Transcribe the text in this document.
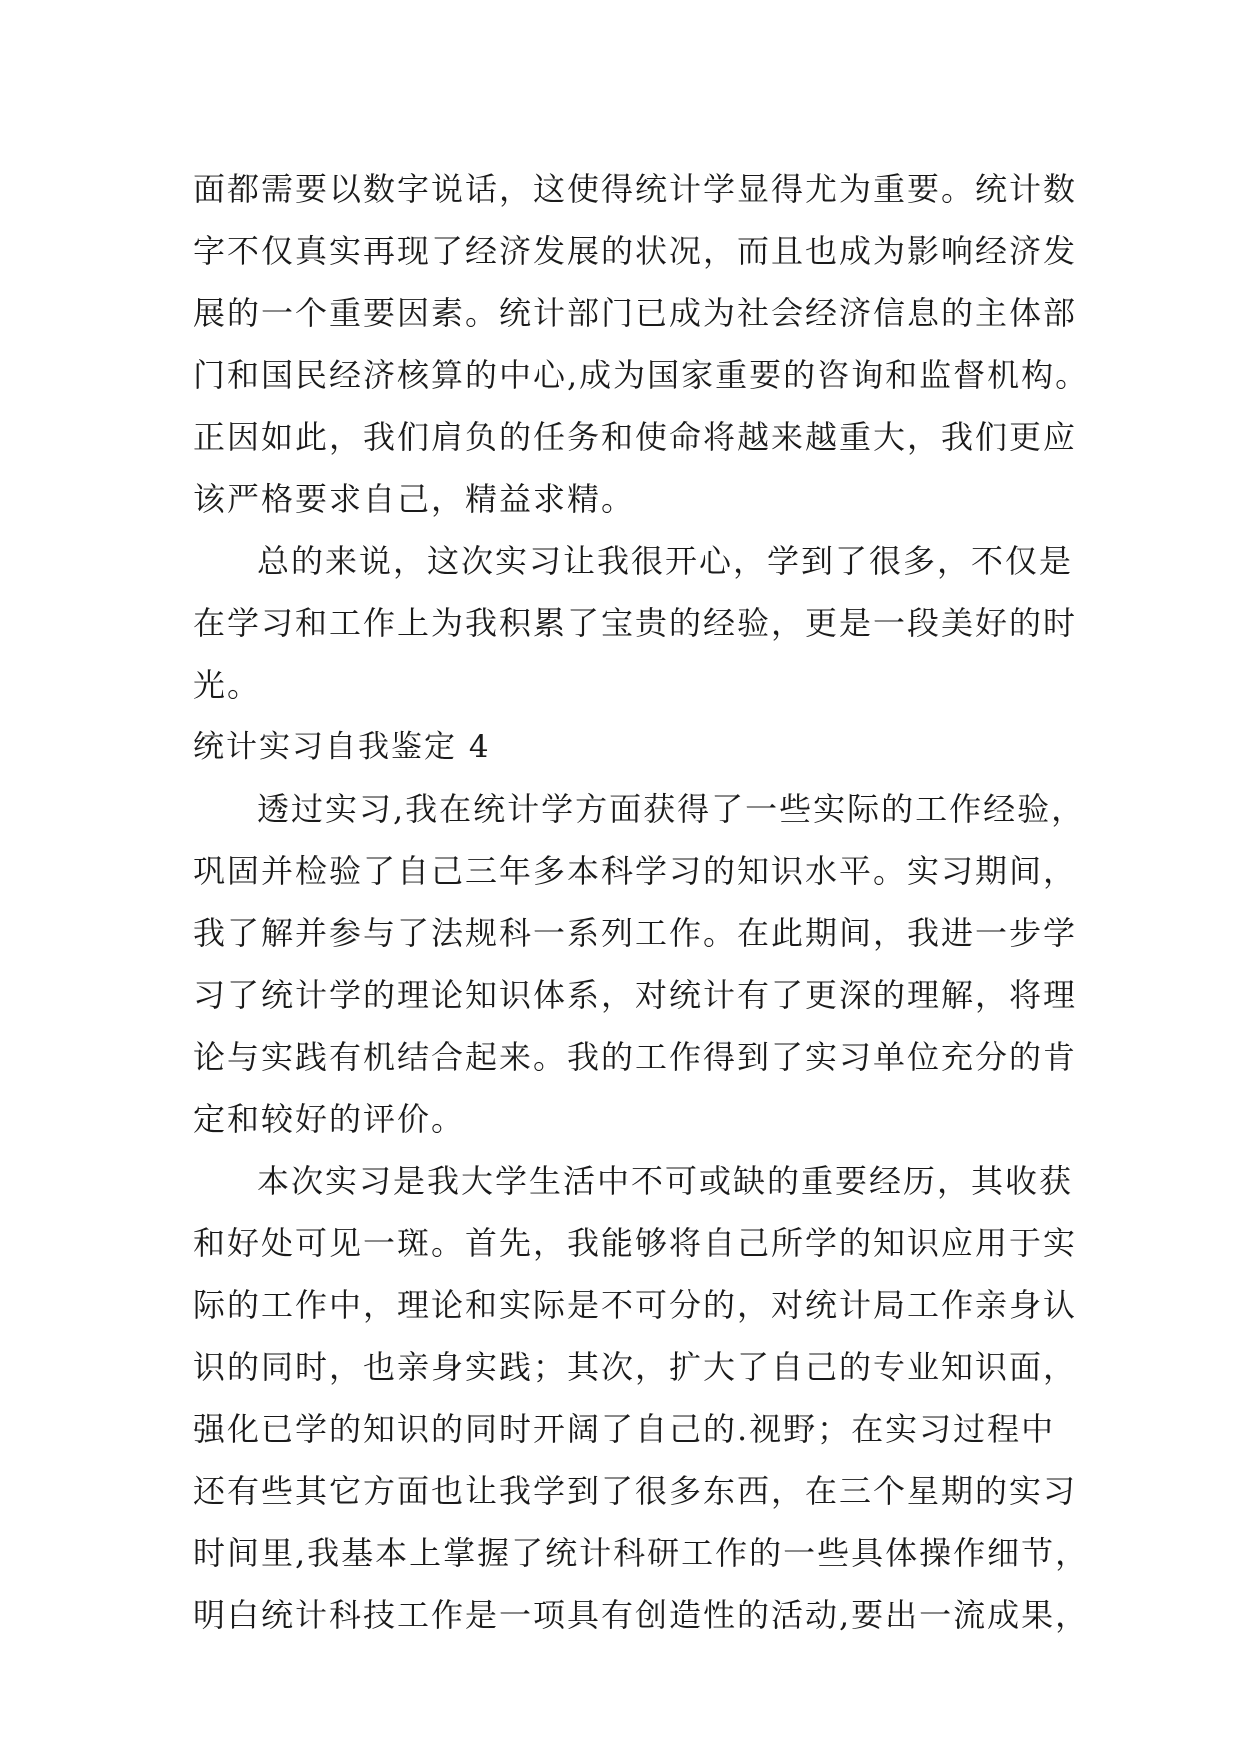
面都需要以数字说话，这使得统计学显得尤为重要。统计数
字不仅真实再现了经济发展的状况，而且也成为影响经济发
展的一个重要因素。统计部门已成为社会经济信息的主体部
门和国民经济核算的中心,成为国家重要的咨询和监督机构。
正因如此，我们肩负的任务和使命将越来越重大，我们更应
该严格要求自己，精益求精。
总的来说，这次实习让我很开心，学到了很多，不仅是
在学习和工作上为我积累了宝贵的经验，更是一段美好的时
光。
统计实习自我鉴定 4
透过实习,我在统计学方面获得了一些实际的工作经验，
巩固并检验了自己三年多本科学习的知识水平。实习期间，
我了解并参与了法规科一系列工作。在此期间，我进一步学
习了统计学的理论知识体系，对统计有了更深的理解，将理
论与实践有机结合起来。我的工作得到了实习单位充分的肯
定和较好的评价。
本次实习是我大学生活中不可或缺的重要经历，其收获
和好处可见一斑。首先，我能够将自己所学的知识应用于实
际的工作中，理论和实际是不可分的，对统计局工作亲身认
识的同时，也亲身实践；其次，扩大了自己的专业知识面，
强化已学的知识的同时开阔了自己的.视野；在实习过程中
还有些其它方面也让我学到了很多东西，在三个星期的实习
时间里,我基本上掌握了统计科研工作的一些具体操作细节，
明白统计科技工作是一项具有创造性的活动,要出一流成果，
